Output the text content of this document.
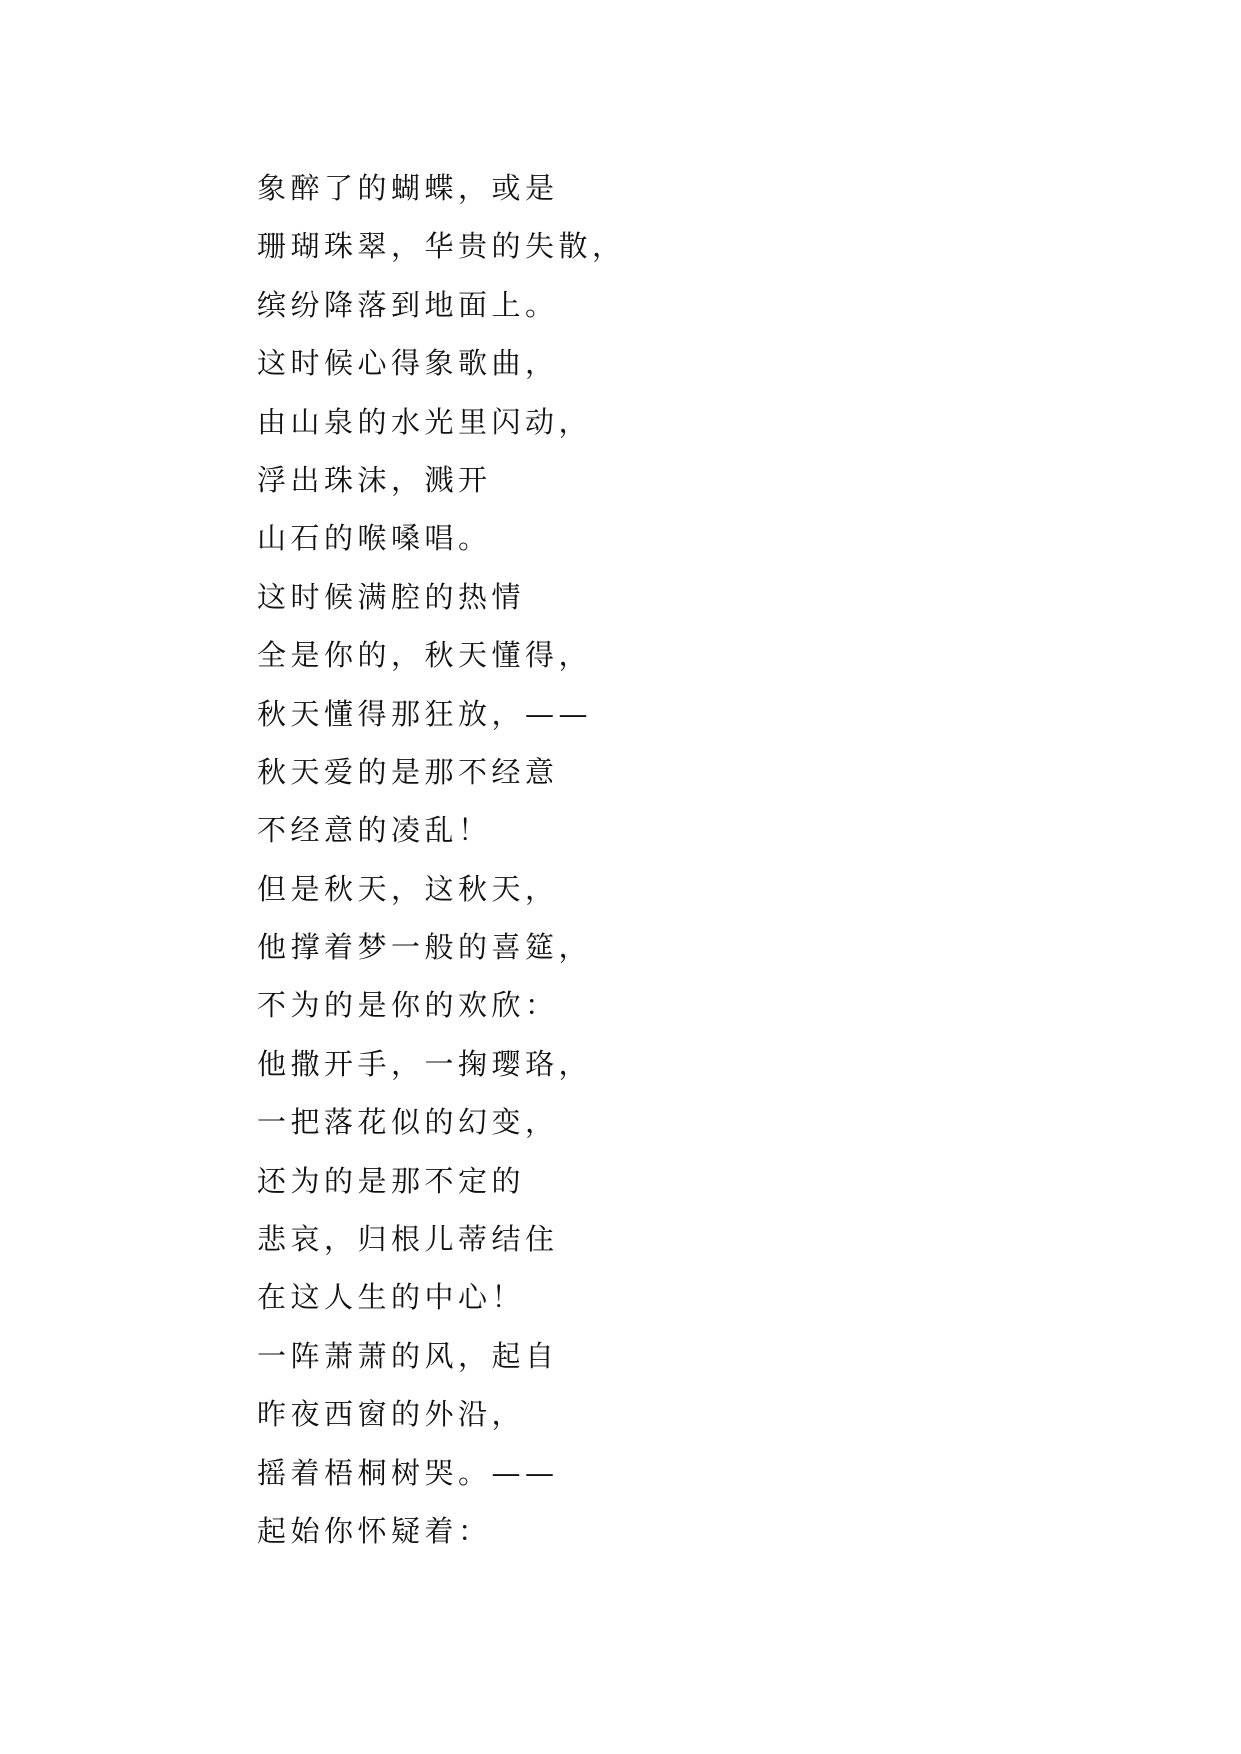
象醉了的蝴蝶，或是
珊瑚珠翠，华贵的失散，
缤纷降落到地面上。
这时候心得象歌曲，
由山泉的水光里闪动，
浮出珠沫，溅开
山石的喉嗓唱。
这时候满腔的热情
全是你的，秋天懂得，
秋天懂得那狂放，——
秋天爱的是那不经意
不经意的凌乱！
但是秋天，这秋天，
他撑着梦一般的喜筵，
不为的是你的欢欣：
他撒开手，一掬璎珞，
一把落花似的幻变，
还为的是那不定的
悲哀，归根儿蒂结住
在这人生的中心！
一阵萧萧的风，起自
昨夜西窗的外沿，
摇着梧桐树哭。——
起始你怀疑着：
